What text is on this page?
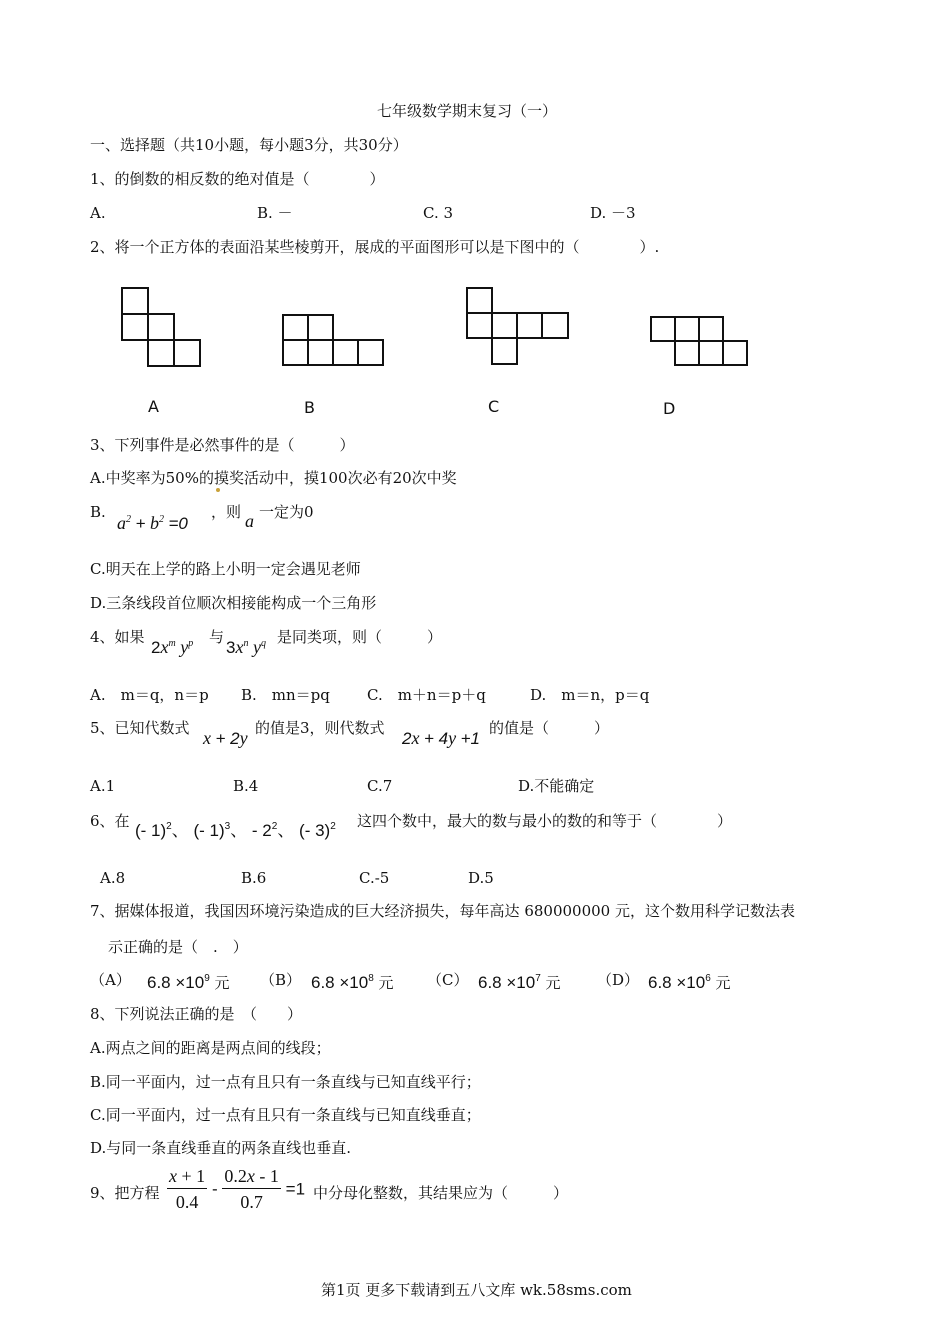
七年级数学期末复习（一）
一、选择题（共10小题，每小题3分，共30分）
1、的倒数的相反数的绝对值是（　　　　）
A.	B. －	C. 3	D. －3
2、将一个正方体的表面沿某些棱剪开，展成的平面图形可以是下图中的（　　　　）.
A	B	C	D
3、下列事件是必然事件的是（　　　）
A.中奖率为50%的摸奖活动中，摸100次必有20次中奖
B.
$a^2 + b^2 =0$
，则 a 一定为0
C.明天在上学的路上小明一定会遇见老师
D.三条线段首位顺次相接能构成一个三角形
4、如果
$2x^m$ $y^p$ 与
$3x^n$ $y^q$ 是同类项，则（　　　）
A.　m＝q，n＝p B.　mn＝pq C.　m＋n＝p＋q	D.　m＝n，p＝q
5、已知代数式 x + 2y 的值是3，则代数式
2x + 4y +1
的值是（　　　）
A.1	B.4	C.7	D.不能确定
6、在 (- 1)$^2$、 (- 1)$^3$、 - $2^2$、 (- 3)$^2$ 这四个数中，最大的数与最小的数的和等于（　　　　）
A.8	B.6	C.-5	D.5
7、据媒体报道，我国因环境污染造成的巨大经济损失，每年高达 680000000 元，这个数用科学记数法表
示正确的是（　.　）
（A） $6.8 \times 10^9$ 元 （B） $6.8 \times 10^8$ 元 （C） $6.8 \times 10^7$ 元 （D） $6.8 \times 10^6$ 元
8、下列说法正确的是　（　　）
A.两点之间的距离是两点间的线段；
B.同一平面内，过一点有且只有一条直线与已知直线平行；
C.同一平面内，过一点有且只有一条直线与已知直线垂直；
D.与同一条直线垂直的两条直线也垂直.
9、把方程 $\frac{x + 1}{0.4} - \frac{0.2x - 1}{0.7} =1$ 中分母化整数，其结果应为（　　　）
第1页 更多下载请到五八文库 wk.58sms.com
